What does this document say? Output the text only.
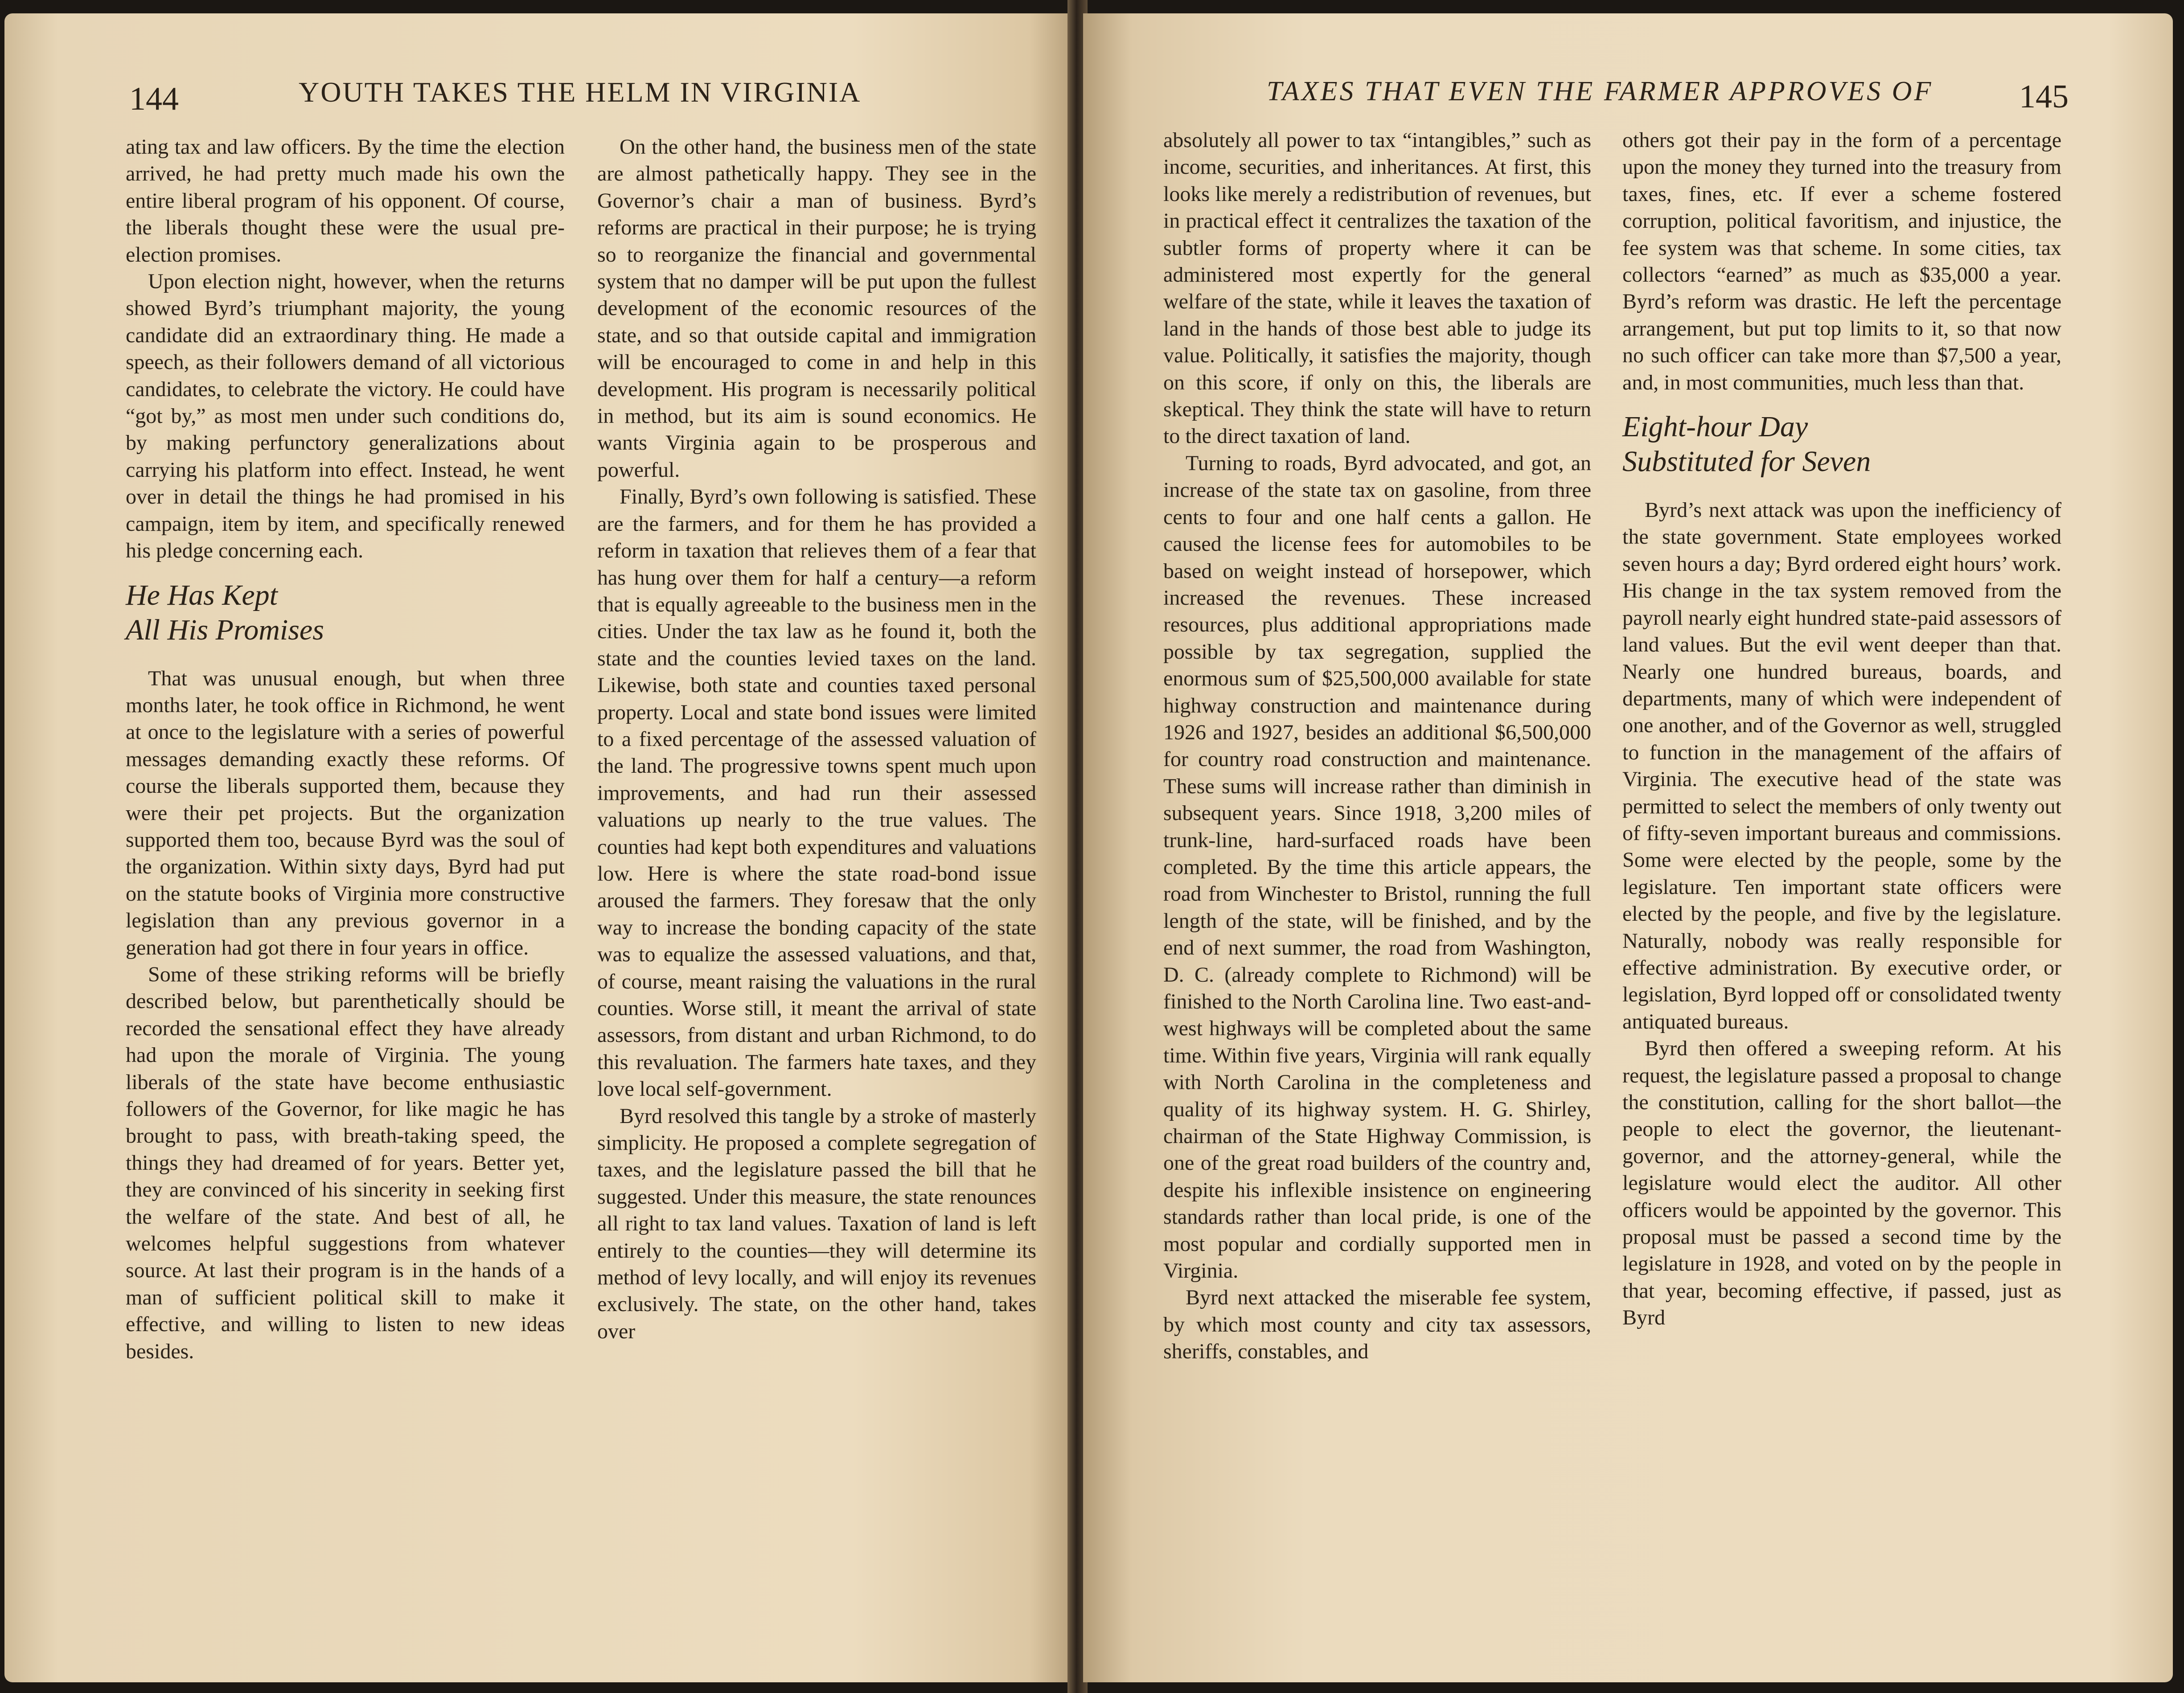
144	YOUTH TAKES THE HELM IN VIRGINIA

ating tax and law officers. By the time the election arrived, he had pretty much made his own the entire liberal program of his opponent. Of course, the liberals thought these were the usual pre-election promises.

Upon election night, however, when the returns showed Byrd’s triumphant majority, the young candidate did an extraordinary thing. He made a speech, as their followers demand of all victorious candidates, to celebrate the victory. He could have “got by,” as most men under such conditions do, by making perfunctory generalizations about carrying his platform into effect. Instead, he went over in detail the things he had promised in his campaign, item by item, and specifically renewed his pledge concerning each.

He Has Kept
All His Promises

That was unusual enough, but when three months later, he took office in Richmond, he went at once to the legislature with a series of powerful messages demanding exactly these reforms. Of course the liberals supported them, because they were their pet projects. But the organization supported them too, because Byrd was the soul of the organization. Within sixty days, Byrd had put on the statute books of Virginia more constructive legislation than any previous governor in a generation had got there in four years in office.

Some of these striking reforms will be briefly described below, but parenthetically should be recorded the sensational effect they have already had upon the morale of Virginia. The young liberals of the state have become enthusiastic followers of the Governor, for like magic he has brought to pass, with breath-taking speed, the things they had dreamed of for years. Better yet, they are convinced of his sincerity in seeking first the welfare of the state. And best of all, he welcomes helpful suggestions from whatever source. At last their program is in the hands of a man of sufficient political skill to make it effective, and willing to listen to new ideas besides.

On the other hand, the business men of the state are almost pathetically happy. They see in the Governor’s chair a man of business. Byrd’s reforms are practical in their purpose; he is trying so to reorganize the financial and governmental system that no damper will be put upon the fullest development of the economic resources of the state, and so that outside capital and immigration will be encouraged to come in and help in this development. His program is necessarily political in method, but its aim is sound economics. He wants Virginia again to be prosperous and powerful.

Finally, Byrd’s own following is satisfied. These are the farmers, and for them he has provided a reform in taxation that relieves them of a fear that has hung over them for half a century—a reform that is equally agreeable to the business men in the cities. Under the tax law as he found it, both the state and the counties levied taxes on the land. Likewise, both state and counties taxed personal property. Local and state bond issues were limited to a fixed percentage of the assessed valuation of the land. The progressive towns spent much upon improvements, and had run their assessed valuations up nearly to the true values. The counties had kept both expenditures and valuations low. Here is where the state road-bond issue aroused the farmers. They foresaw that the only way to increase the bonding capacity of the state was to equalize the assessed valuations, and that, of course, meant raising the valuations in the rural counties. Worse still, it meant the arrival of state assessors, from distant and urban Richmond, to do this revaluation. The farmers hate taxes, and they love local self-government.

Byrd resolved this tangle by a stroke of masterly simplicity. He proposed a complete segregation of taxes, and the legislature passed the bill that he suggested. Under this measure, the state renounces all right to tax land values. Taxation of land is left entirely to the counties—they will determine its method of levy locally, and will enjoy its revenues exclusively. The state, on the other hand, takes over

TAXES THAT EVEN THE FARMER APPROVES OF	145

absolutely all power to tax “intangibles,” such as income, securities, and inheritances. At first, this looks like merely a redistribution of revenues, but in practical effect it centralizes the taxation of the subtler forms of property where it can be administered most expertly for the general welfare of the state, while it leaves the taxation of land in the hands of those best able to judge its value. Politically, it satisfies the majority, though on this score, if only on this, the liberals are skeptical. They think the state will have to return to the direct taxation of land.

Turning to roads, Byrd advocated, and got, an increase of the state tax on gasoline, from three cents to four and one half cents a gallon. He caused the license fees for automobiles to be based on weight instead of horsepower, which increased the revenues. These increased resources, plus additional appropriations made possible by tax segregation, supplied the enormous sum of $25,500,000 available for state highway construction and maintenance during 1926 and 1927, besides an additional $6,500,000 for country road construction and maintenance. These sums will increase rather than diminish in subsequent years. Since 1918, 3,200 miles of trunk-line, hard-surfaced roads have been completed. By the time this article appears, the road from Winchester to Bristol, running the full length of the state, will be finished, and by the end of next summer, the road from Washington, D. C. (already complete to Richmond) will be finished to the North Carolina line. Two east-and-west highways will be completed about the same time. Within five years, Virginia will rank equally with North Carolina in the completeness and quality of its highway system. H. G. Shirley, chairman of the State Highway Commission, is one of the great road builders of the country and, despite his inflexible insistence on engineering standards rather than local pride, is one of the most popular and cordially supported men in Virginia.

Byrd next attacked the miserable fee system, by which most county and city tax assessors, sheriffs, constables, and

others got their pay in the form of a percentage upon the money they turned into the treasury from taxes, fines, etc. If ever a scheme fostered corruption, political favoritism, and injustice, the fee system was that scheme. In some cities, tax collectors “earned” as much as $35,000 a year. Byrd’s reform was drastic. He left the percentage arrangement, but put top limits to it, so that now no such officer can take more than $7,500 a year, and, in most communities, much less than that.

Eight-hour Day
Substituted for Seven

Byrd’s next attack was upon the inefficiency of the state government. State employees worked seven hours a day; Byrd ordered eight hours’ work. His change in the tax system removed from the payroll nearly eight hundred state-paid assessors of land values. But the evil went deeper than that. Nearly one hundred bureaus, boards, and departments, many of which were independent of one another, and of the Governor as well, struggled to function in the management of the affairs of Virginia. The executive head of the state was permitted to select the members of only twenty out of fifty-seven important bureaus and commissions. Some were elected by the people, some by the legislature. Ten important state officers were elected by the people, and five by the legislature. Naturally, nobody was really responsible for effective administration. By executive order, or legislation, Byrd lopped off or consolidated twenty antiquated bureaus.

Byrd then offered a sweeping reform. At his request, the legislature passed a proposal to change the constitution, calling for the short ballot—the people to elect the governor, the lieutenant-governor, and the attorney-general, while the legislature would elect the auditor. All other officers would be appointed by the governor. This proposal must be passed a second time by the legislature in 1928, and voted on by the people in that year, becoming effective, if passed, just as Byrd
